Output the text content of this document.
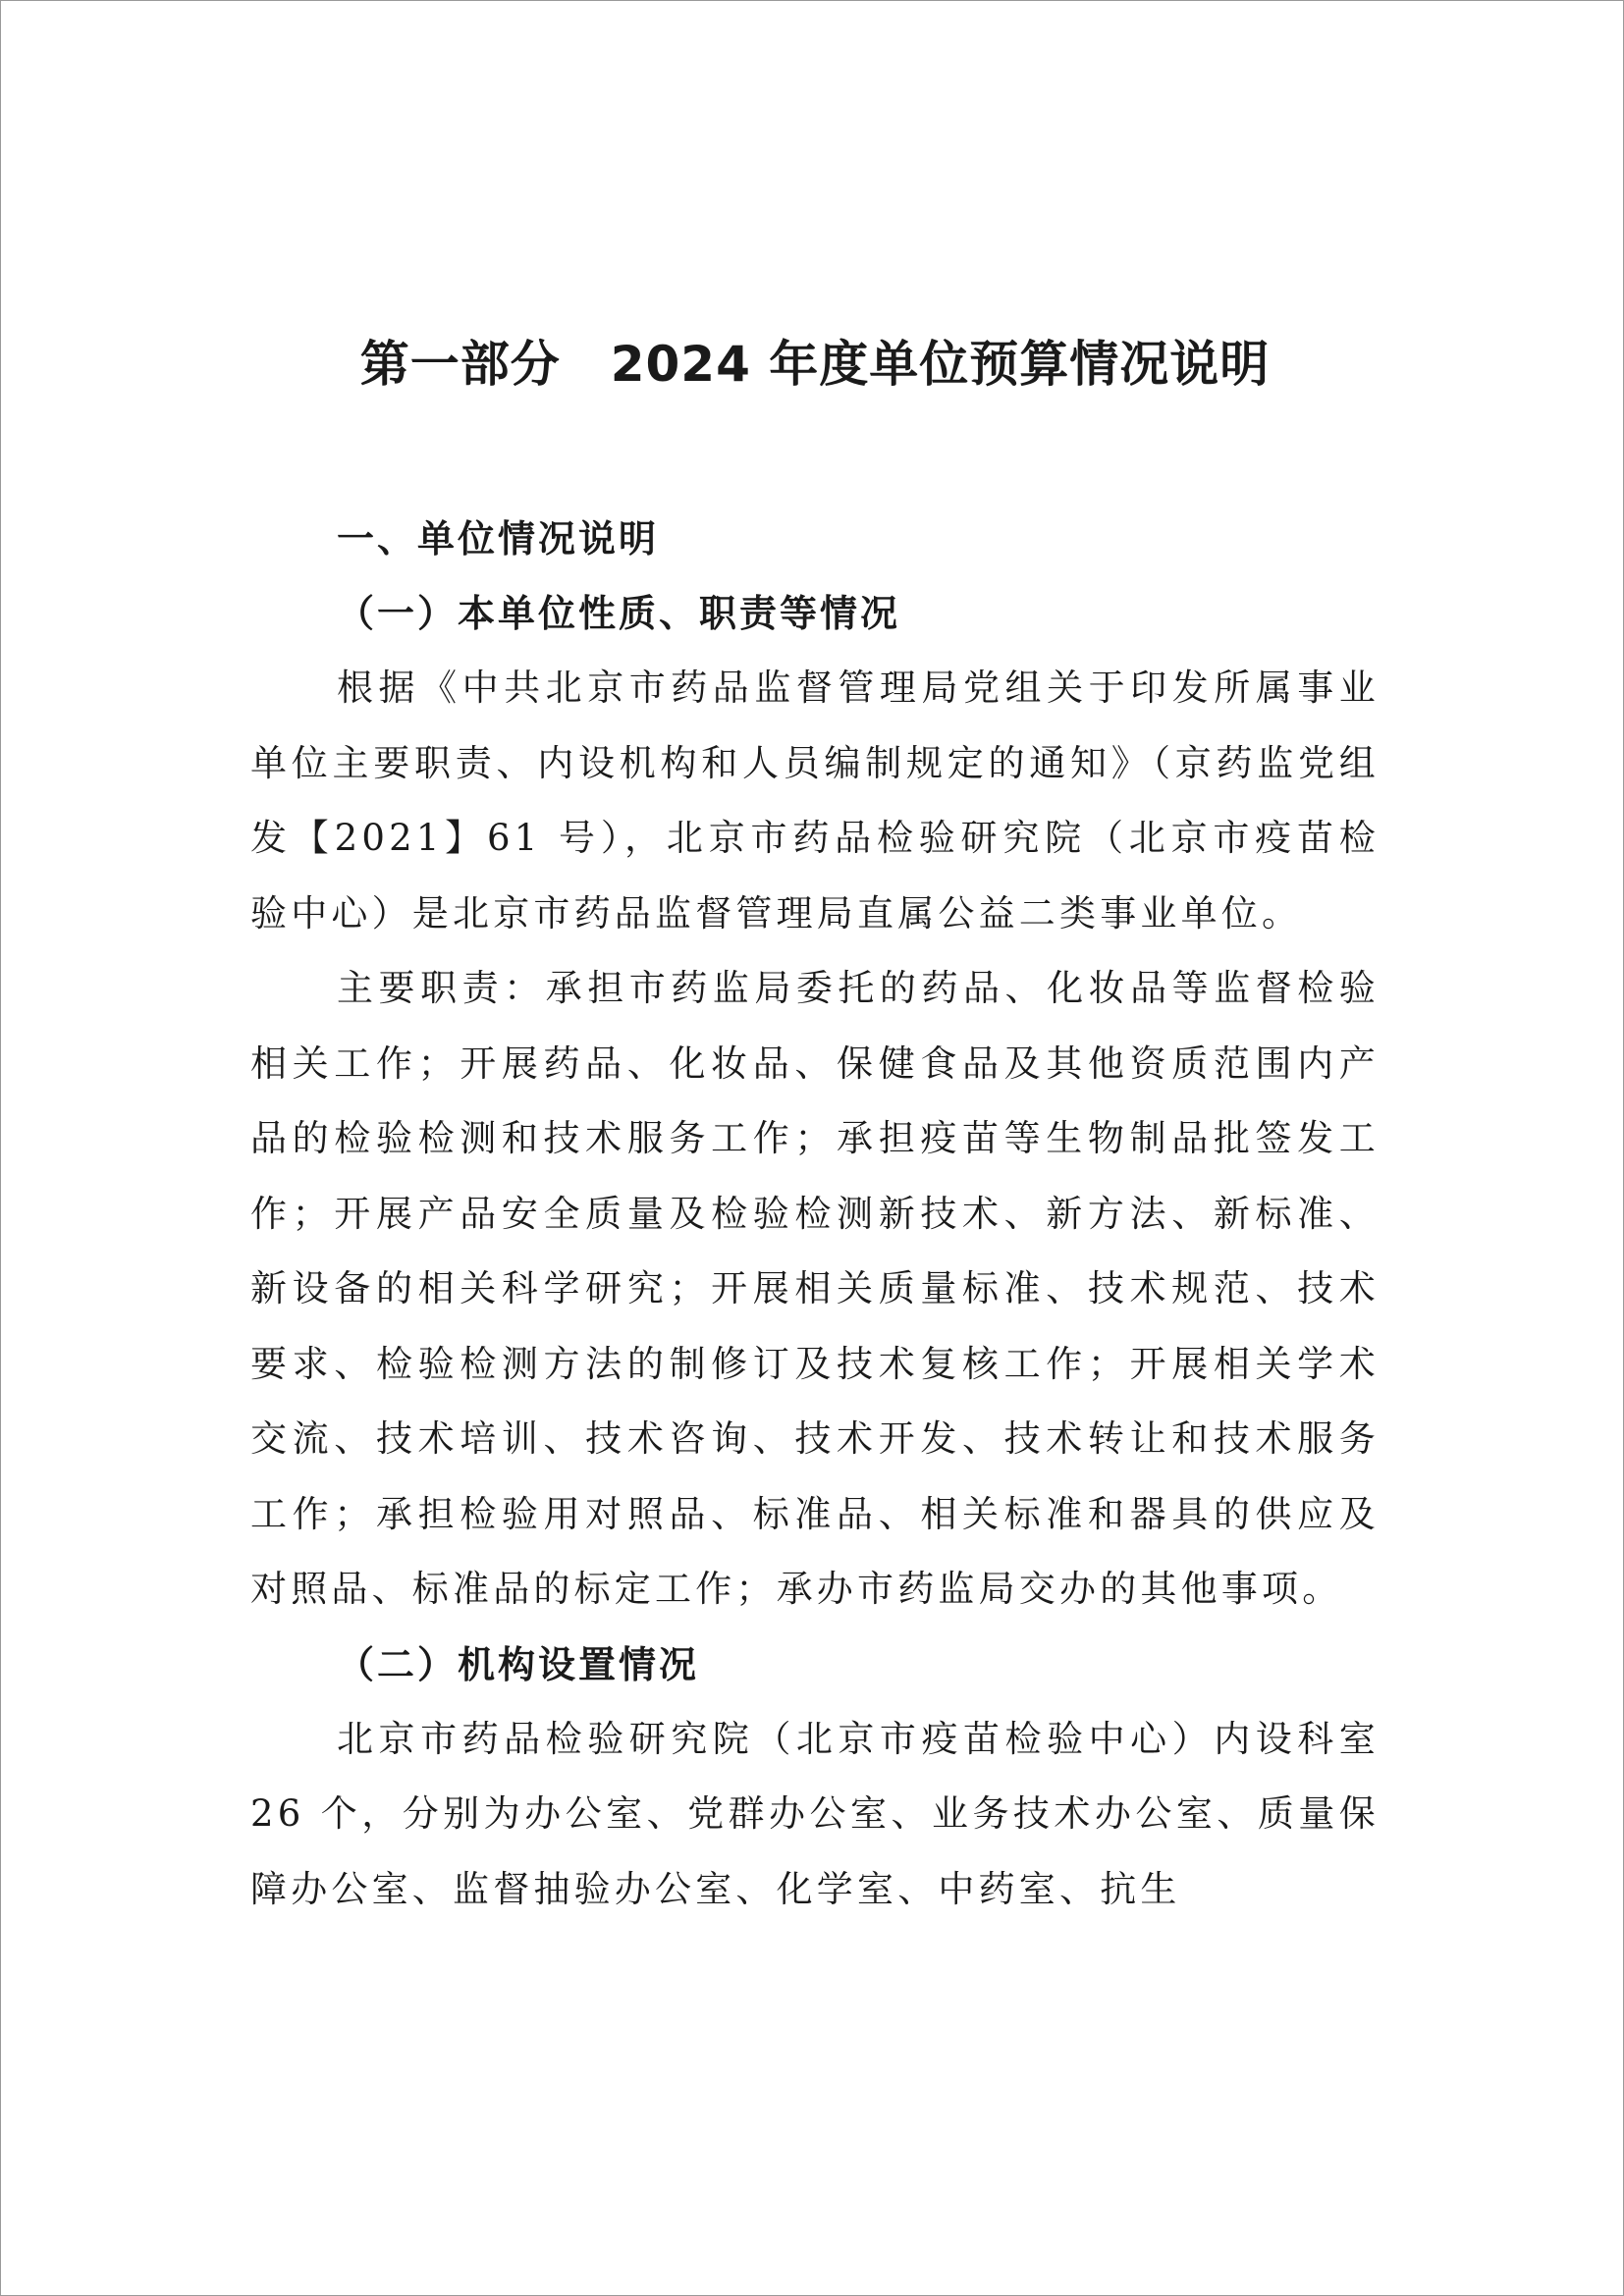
第一部分　2024 年度单位预算情况说明
一、单位情况说明
（一）本单位性质、职责等情况

根据《中共北京市药品监督管理局党组关于印发所属事业单位主要职责、内设机构和人员编制规定的通知》（京药监党组发【2021】61 号），北京市药品检验研究院（北京市疫苗检验中心）是北京市药品监督管理局直属公益二类事业单位。

主要职责：承担市药监局委托的药品、化妆品等监督检验相关工作；开展药品、化妆品、保健食品及其他资质范围内产品的检验检测和技术服务工作；承担疫苗等生物制品批签发工作；开展产品安全质量及检验检测新技术、新方法、新标准、新设备的相关科学研究；开展相关质量标准、技术规范、技术要求、检验检测方法的制修订及技术复核工作；开展相关学术交流、技术培训、技术咨询、技术开发、技术转让和技术服务工作；承担检验用对照品、标准品、相关标准和器具的供应及对照品、标准品的标定工作；承办市药监局交办的其他事项。

（二）机构设置情况

北京市药品检验研究院（北京市疫苗检验中心）内设科室 26 个，分别为办公室、党群办公室、业务技术办公室、质量保障办公室、监督抽验办公室、化学室、中药室、抗生
